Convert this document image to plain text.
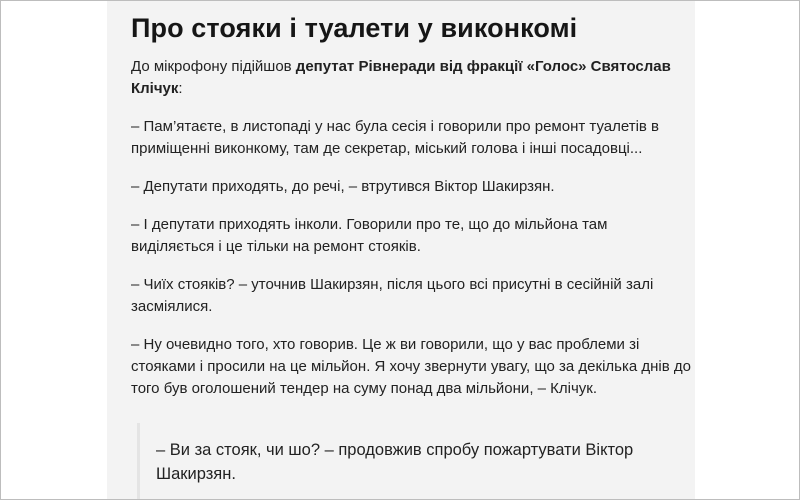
Про стояки і туалети у виконкомі

До мікрофону підійшов депутат Рівнеради від фракції «Голос» Святослав Клічук:

– Пам’ятаєте, в листопаді у нас була сесія і говорили про ремонт туалетів в приміщенні виконкому, там де секретар, міський голова і інші посадовці...

– Депутати приходять, до речі, – втрутився Віктор Шакирзян.

– І депутати приходять інколи. Говорили про те, що до мільйона там виділяється і це тільки на ремонт стояків.

– Чиїх стояків? – уточнив Шакирзян, після цього всі присутні в сесійній залі засміялися.

– Ну очевидно того, хто говорив. Це ж ви говорили, що у вас проблеми зі стояками і просили на це мільйон. Я хочу звернути увагу, що за декілька днів до того був оголошений тендер на суму понад два мільйони, – Клічук.

– Ви за стояк, чи шо? – продовжив спробу пожартувати Віктор Шакирзян.
